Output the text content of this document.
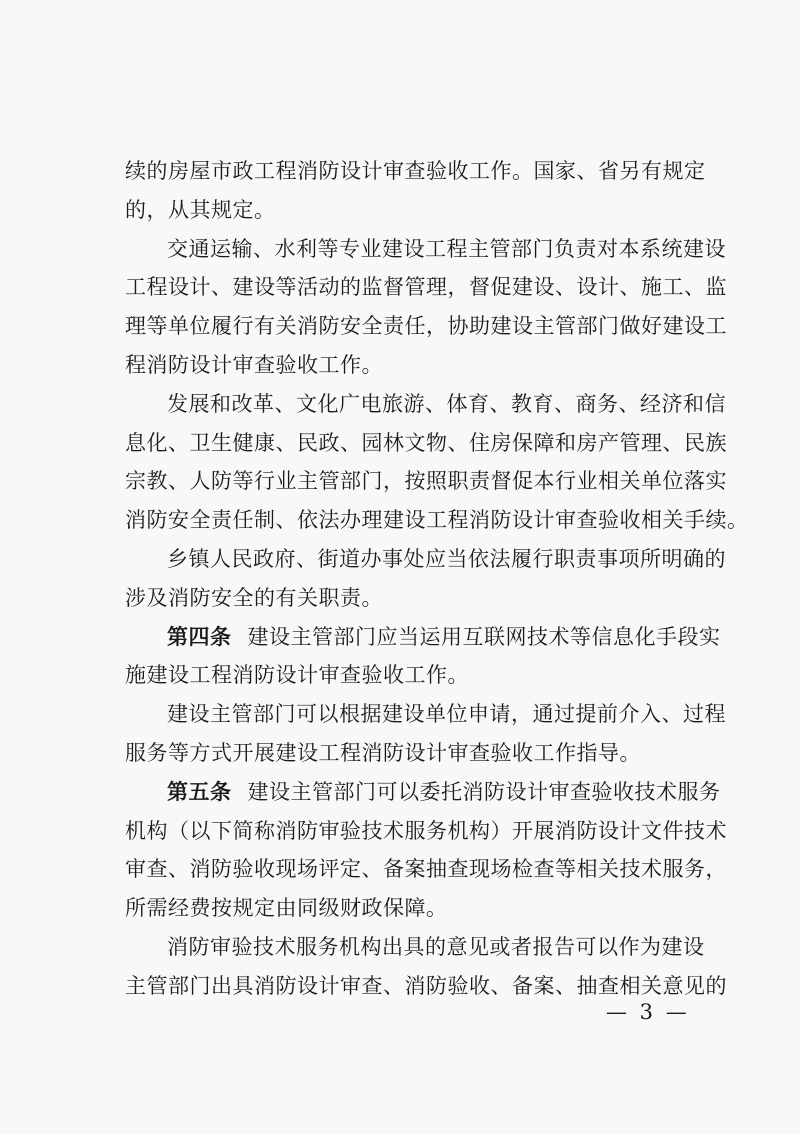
续的房屋市政工程消防设计审查验收工作。国家、省另有规定
的，从其规定。
交通运输、水利等专业建设工程主管部门负责对本系统建设
工程设计、建设等活动的监督管理，督促建设、设计、施工、监
理等单位履行有关消防安全责任，协助建设主管部门做好建设工
程消防设计审查验收工作。
发展和改革、文化广电旅游、体育、教育、商务、经济和信
息化、卫生健康、民政、园林文物、住房保障和房产管理、民族
宗教、人防等行业主管部门，按照职责督促本行业相关单位落实
消防安全责任制、依法办理建设工程消防设计审查验收相关手续。
乡镇人民政府、街道办事处应当依法履行职责事项所明确的
涉及消防安全的有关职责。
第四条 建设主管部门应当运用互联网技术等信息化手段实
施建设工程消防设计审查验收工作。
建设主管部门可以根据建设单位申请，通过提前介入、过程
服务等方式开展建设工程消防设计审查验收工作指导。
第五条 建设主管部门可以委托消防设计审查验收技术服务
机构（以下简称消防审验技术服务机构）开展消防设计文件技术
审查、消防验收现场评定、备案抽查现场检查等相关技术服务，
所需经费按规定由同级财政保障。
消防审验技术服务机构出具的意见或者报告可以作为建设
主管部门出具消防设计审查、消防验收、备案、抽查相关意见的
— 3 —
